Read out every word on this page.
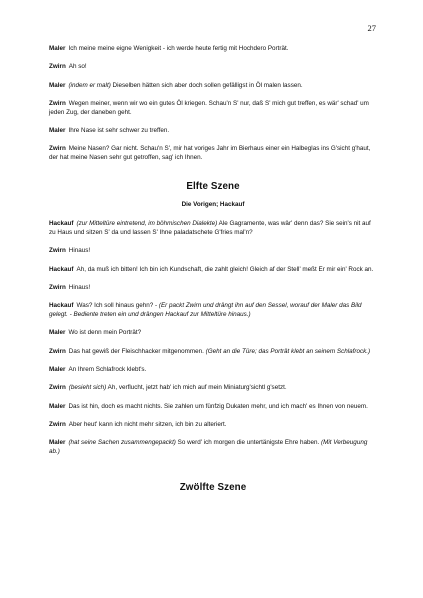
27

Maler Ich meine meine eigne Wenigkeit - ich werde heute fertig mit Hochdero Porträt.

Zwirn Ah so!

Maler (indem er malt) Dieselben hätten sich aber doch sollen gefälligst in Öl malen lassen.

Zwirn Wegen meiner, wenn wir wo ein gutes Öl kriegen. Schau'n S' nur, daß S' mich gut treffen, es wär' schad' um jeden Zug, der daneben geht.

Maler Ihre Nase ist sehr schwer zu treffen.

Zwirn Meine Nasen? Gar nicht. Schau'n S', mir hat voriges Jahr im Bierhaus einer ein Halbeglas ins G'sicht g'haut, der hat meine Nasen sehr gut getroffen, sag' ich Ihnen.

Elfte Szene
Die Vorigen; Hackauf

Hackauf (zur Mitteltüre eintretend, im böhmischen Dialekte) Ale Gagramente, was wär' denn das? Sie sein's nit auf zu Haus und sitzen S' da und lassen S' Ihne paladatschete G'fries mal'n?

Zwirn Hinaus!

Hackauf Ah, da muß ich bitten! Ich bin ich Kundschaft, die zahlt gleich! Gleich af der Stell' meßt Er mir ein' Rock an.

Zwirn Hinaus!

Hackauf Was? Ich soll hinaus gehn? - (Er packt Zwirn und drängt ihn auf den Sessel, worauf der Maler das Bild gelegt. - Bediente treten ein und drängen Hackauf zur Mitteltüre hinaus.)

Maler Wo ist denn mein Porträt?

Zwirn Das hat gewiß der Fleischhacker mitgenommen. (Geht an die Türe; das Porträt klebt an seinem Schlafrock.)

Maler An Ihrem Schlafrock klebt's.

Zwirn (besieht sich) Ah, verflucht, jetzt hab' ich mich auf mein Miniaturg'sichtl g'setzt.

Maler Das ist hin, doch es macht nichts. Sie zahlen um fünfzig Dukaten mehr, und ich mach' es Ihnen von neuem.

Zwirn Aber heut' kann ich nicht mehr sitzen, ich bin zu alteriert.

Maler (hat seine Sachen zusammengepackt) So werd' ich morgen die untertänigste Ehre haben. (Mit Verbeugung ab.)

Zwölfte Szene
